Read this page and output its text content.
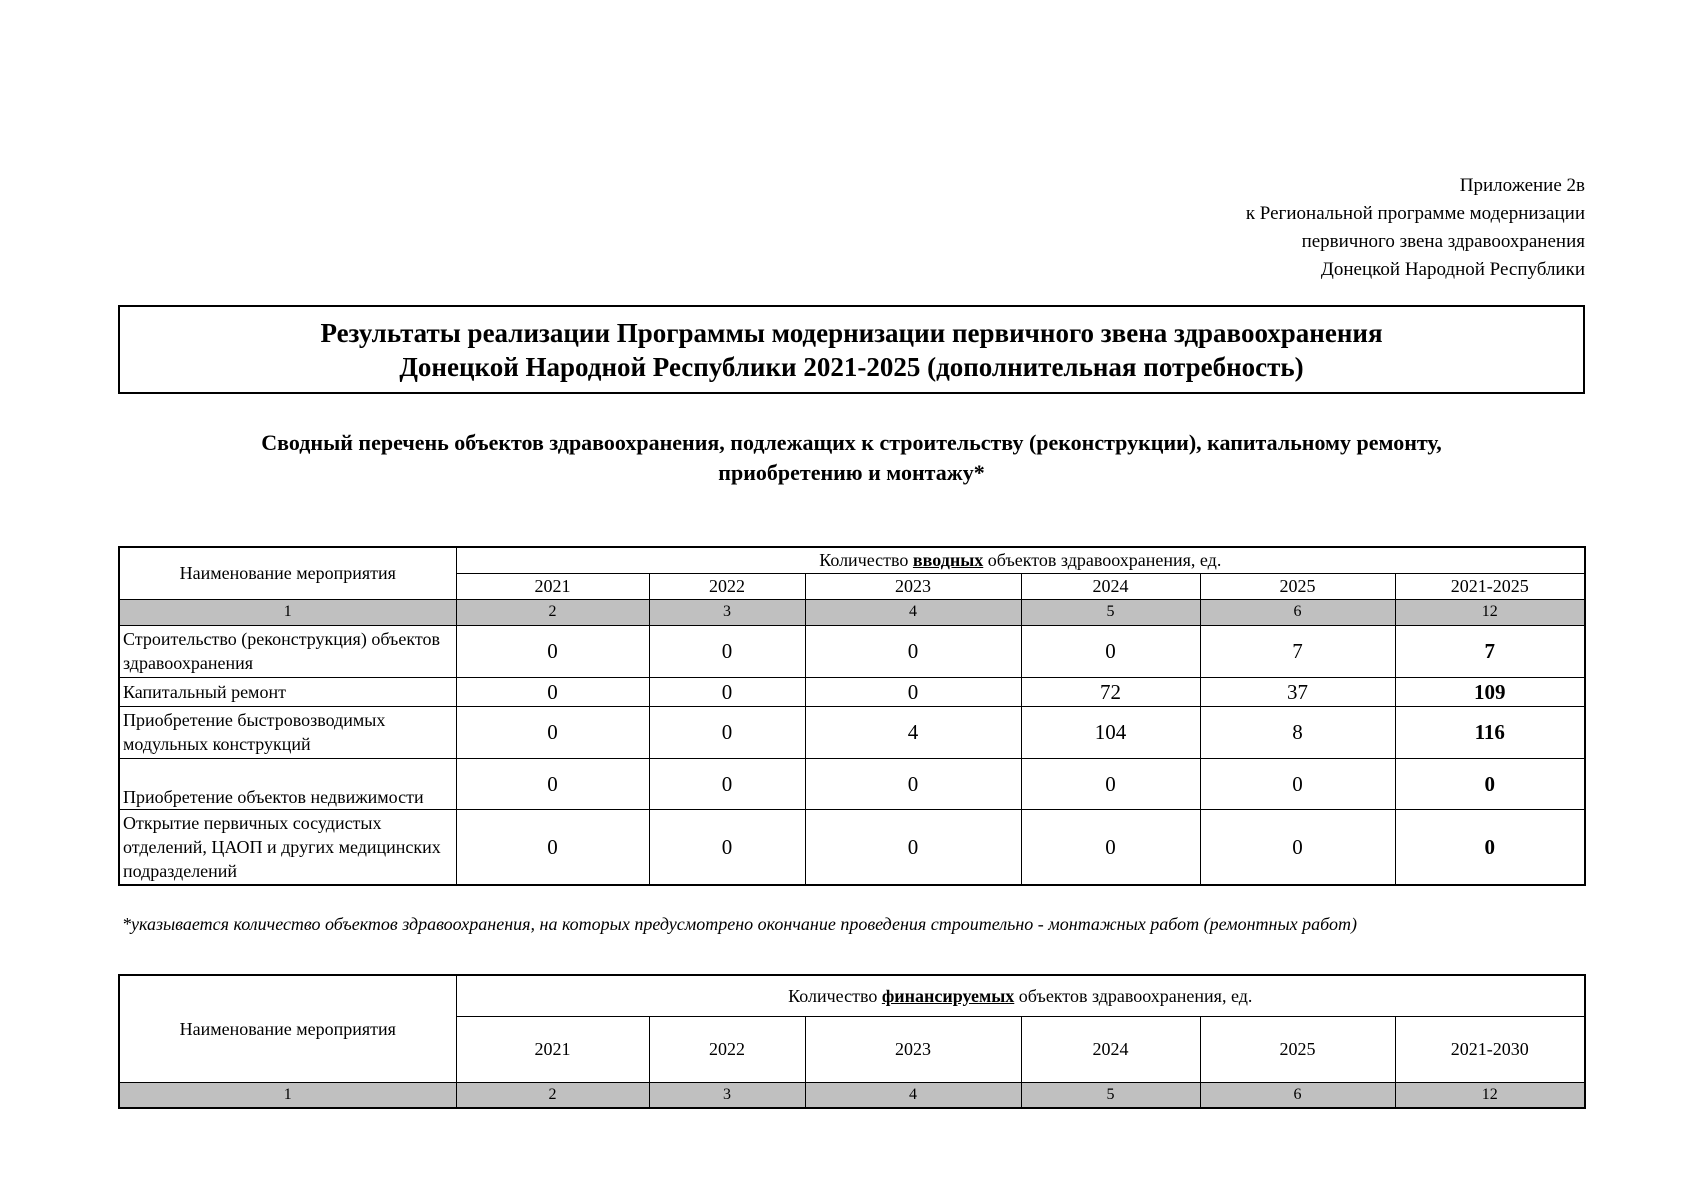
Приложение 2в
к Региональной программе модернизации
первичного звена здравоохранения
Донецкой Народной Республики
Результаты реализации Программы модернизации первичного звена здравоохранения
Донецкой Народной Республики 2021-2025 (дополнительная потребность)
Сводный перечень объектов здравоохранения, подлежащих к строительству (реконструкции), капитальному ремонту,
приобретению и монтажу*
Наименование мероприятия	Количество вводных объектов здравоохранения, ед.					
	2021	2022	2023	2024	2025	2021-2025
1	2	3	4	5	6	12
Строительство (реконструкция) объектов здравоохранения	0	0	0	0	7	7
Капитальный ремонт	0	0	0	72	37	109
Приобретение быстровозводимых модульных конструкций	0	0	4	104	8	116
Приобретение объектов недвижимости	0	0	0	0	0	0
Открытие первичных сосудистых отделений, ЦАОП и других медицинских подразделений	0	0	0	0	0	0
*указывается количество объектов здравоохранения, на которых предусмотрено окончание проведения строительно - монтажных работ (ремонтных работ)
Наименование мероприятия	Количество финансируемых объектов здравоохранения, ед.					
	2021	2022	2023	2024	2025	2021-2030
1	2	3	4	5	6	12
